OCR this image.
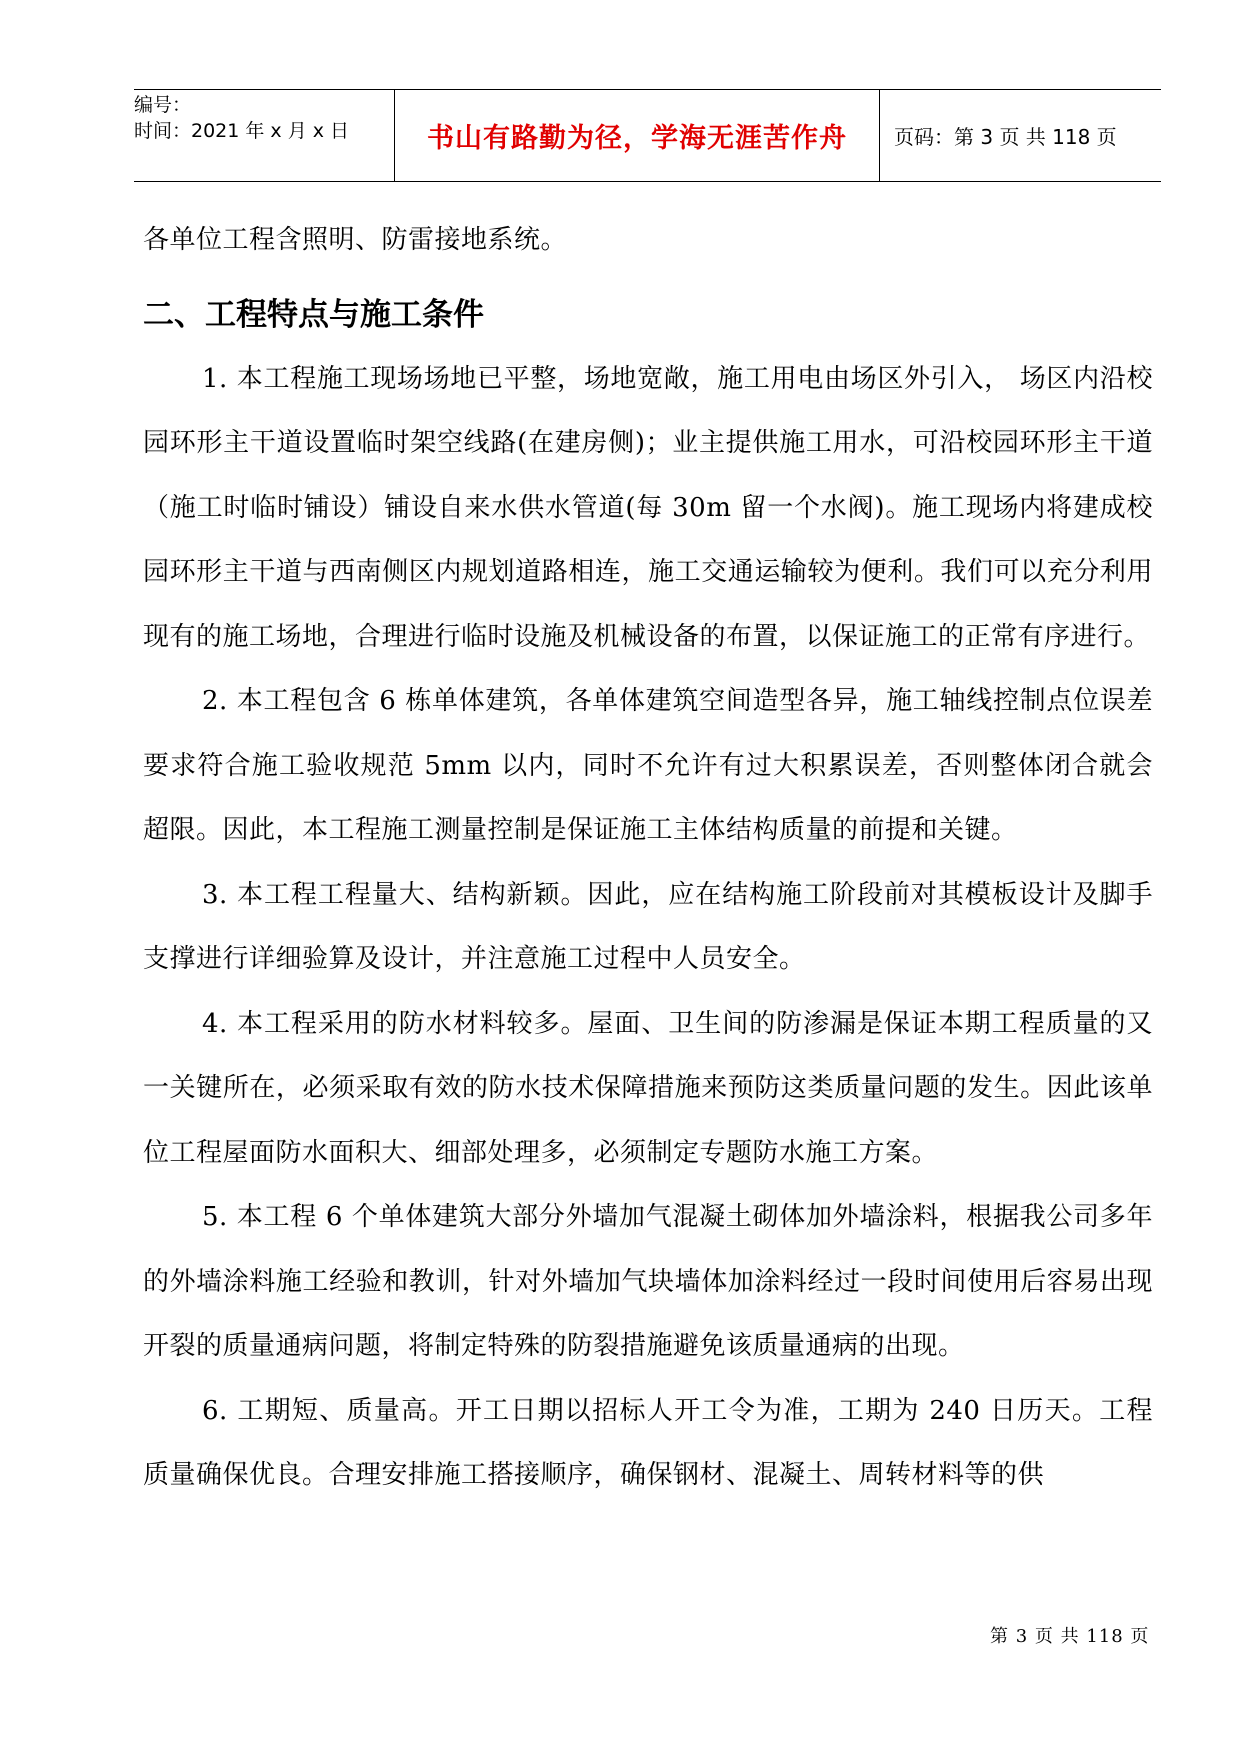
编号：
时间：2021 年 x 月 x 日	书山有路勤为径，学海无涯苦作舟 页码：第 3 页 共 118 页

各单位工程含照明、防雷接地系统。

二、工程特点与施工条件

1. 本工程施工现场场地已平整，场地宽敞，施工用电由场区外引入， 场区内沿校园环形主干道设置临时架空线路(在建房侧)；业主提供施工用水，可沿校园环形主干道（施工时临时铺设）铺设自来水供水管道(每 30m 留一个水阀)。施工现场内将建成校园环形主干道与西南侧区内规划道路相连，施工交通运输较为便利。我们可以充分利用现有的施工场地，合理进行临时设施及机械设备的布置，以保证施工的正常有序进行。

2. 本工程包含 6 栋单体建筑，各单体建筑空间造型各异，施工轴线控制点位误差要求符合施工验收规范 5mm 以内，同时不允许有过大积累误差，否则整体闭合就会超限。因此，本工程施工测量控制是保证施工主体结构质量的前提和关键。

3. 本工程工程量大、结构新颖。因此，应在结构施工阶段前对其模板设计及脚手支撑进行详细验算及设计，并注意施工过程中人员安全。

4. 本工程采用的防水材料较多。屋面、卫生间的防渗漏是保证本期工程质量的又一关键所在，必须采取有效的防水技术保障措施来预防这类质量问题的发生。因此该单位工程屋面防水面积大、细部处理多，必须制定专题防水施工方案。

5. 本工程 6 个单体建筑大部分外墙加气混凝土砌体加外墙涂料，根据我公司多年的外墙涂料施工经验和教训，针对外墙加气块墙体加涂料经过一段时间使用后容易出现开裂的质量通病问题，将制定特殊的防裂措施避免该质量通病的出现。

6. 工期短、质量高。开工日期以招标人开工令为准，工期为 240 日历天。工程质量确保优良。合理安排施工搭接顺序，确保钢材、混凝土、周转材料等的供

第 3 页 共 118 页
